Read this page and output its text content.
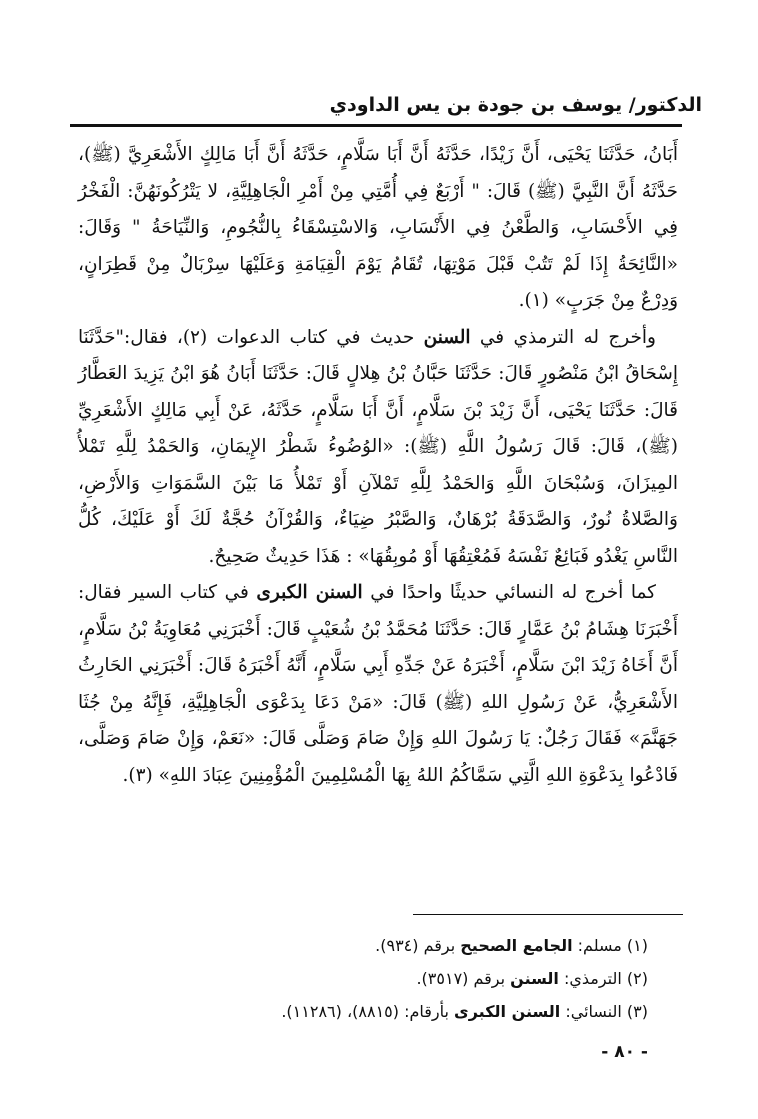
الدكتور/ يوسف بن جودة بن يس الداودي

أَبَانُ، حَدَّثَنَا يَحْيَى، أَنَّ زَيْدًا، حَدَّثَهُ أَنَّ أَبَا سَلَّامٍ، حَدَّثَهُ أَنَّ أَبَا مَالِكٍ الأَشْعَرِيَّ (ﷺ)، حَدَّثَهُ أَنَّ النَّبِيَّ (ﷺ) قَالَ: " أَرْبَعٌ فِي أُمَّتِي مِنْ أَمْرِ الْجَاهِلِيَّةِ، لا يَتْرُكُونَهُنَّ: الْفَخْرُ فِي الأَحْسَابِ، وَالطَّعْنُ فِي الأَنْسَابِ، وَالاسْتِسْقَاءُ بِالنُّجُومِ، وَالنِّيَاحَةُ " وَقَالَ: «النَّائِحَةُ إِذَا لَمْ تَتُبْ قَبْلَ مَوْتِهَا، تُقَامُ يَوْمَ الْقِيَامَةِ وَعَلَيْهَا سِرْبَالٌ مِنْ قَطِرَانٍ، وَدِرْعٌ مِنْ جَرَبٍ» (١).

وأخرج له الترمذي في السنن حديث في كتاب الدعوات (٢)، فقال:"حَدَّثَنَا إِسْحَاقُ ابْنُ مَنْصُورٍ قَالَ: حَدَّثَنَا حَبَّانُ بْنُ هِلالٍ قَالَ: حَدَّثَنَا أَبَانُ هُوَ ابْنُ يَزِيدَ العَطَّارُ قَالَ: حَدَّثَنَا يَحْيَى، أَنَّ زَيْدَ بْنَ سَلَّامٍ، أَنَّ أَبَا سَلَّامٍ، حَدَّثَهُ، عَنْ أَبِي مَالِكٍ الأَشْعَرِيِّ (ﷺ)، قَالَ: قَالَ رَسُولُ اللَّهِ (ﷺ): «الوُضُوءُ شَطْرُ الإِيمَانِ، وَالحَمْدُ لِلَّهِ تَمْلأُ المِيزَانَ، وَسُبْحَانَ اللَّهِ وَالحَمْدُ لِلَّهِ تَمْلآنِ أَوْ تَمْلأُ مَا بَيْنَ السَّمَوَاتِ وَالأَرْضِ، وَالصَّلاةُ نُورٌ، وَالصَّدَقَةُ بُرْهَانٌ، وَالصَّبْرُ ضِيَاءٌ، وَالقُرْآنُ حُجَّةٌ لَكَ أَوْ عَلَيْكَ، كُلُّ النَّاسِ يَغْدُو فَبَائِعٌ نَفْسَهُ فَمُعْتِقُهَا أَوْ مُوبِقُهَا» : هَذَا حَدِيثٌ صَحِيحٌ.

كما أخرج له النسائي حديثًا واحدًا في السنن الكبرى في كتاب السير فقال: أَخْبَرَنَا هِشَامُ بْنُ عَمَّارٍ قَالَ: حَدَّثَنَا مُحَمَّدُ بْنُ شُعَيْبٍ قَالَ: أَخْبَرَنِي مُعَاوِيَةُ بْنُ سَلَّامٍ، أَنَّ أَخَاهُ زَيْدَ ابْنَ سَلَّامٍ، أَخْبَرَهُ عَنْ جَدِّهِ أَبِي سَلَّامٍ، أَنَّهُ أَخْبَرَهُ قَالَ: أَخْبَرَنِي الحَارِثُ الأَشْعَرِيُّ، عَنْ رَسُولِ اللهِ (ﷺ) قَالَ: «مَنْ دَعَا بِدَعْوَى الْجَاهِلِيَّةِ، فَإِنَّهُ مِنْ جُثَا جَهَنَّمَ» فَقَالَ رَجُلٌ: يَا رَسُولَ اللهِ وَإِنْ صَامَ وَصَلَّى قَالَ: «نَعَمْ، وَإِنْ صَامَ وَصَلَّى، فَادْعُوا بِدَعْوَةِ اللهِ الَّتِي سَمَّاكُمُ اللهُ بِهَا الْمُسْلِمِينَ الْمُؤْمِنِينَ عِبَادَ اللهِ» (٣).

(١) مسلم: الجامع الصحيح برقم (٩٣٤).

(٢) الترمذي: السنن برقم (٣٥١٧).

(٣) النسائي: السنن الكبرى بأرقام: (٨٨١٥)، (١١٢٨٦).

- ٨٠ -
